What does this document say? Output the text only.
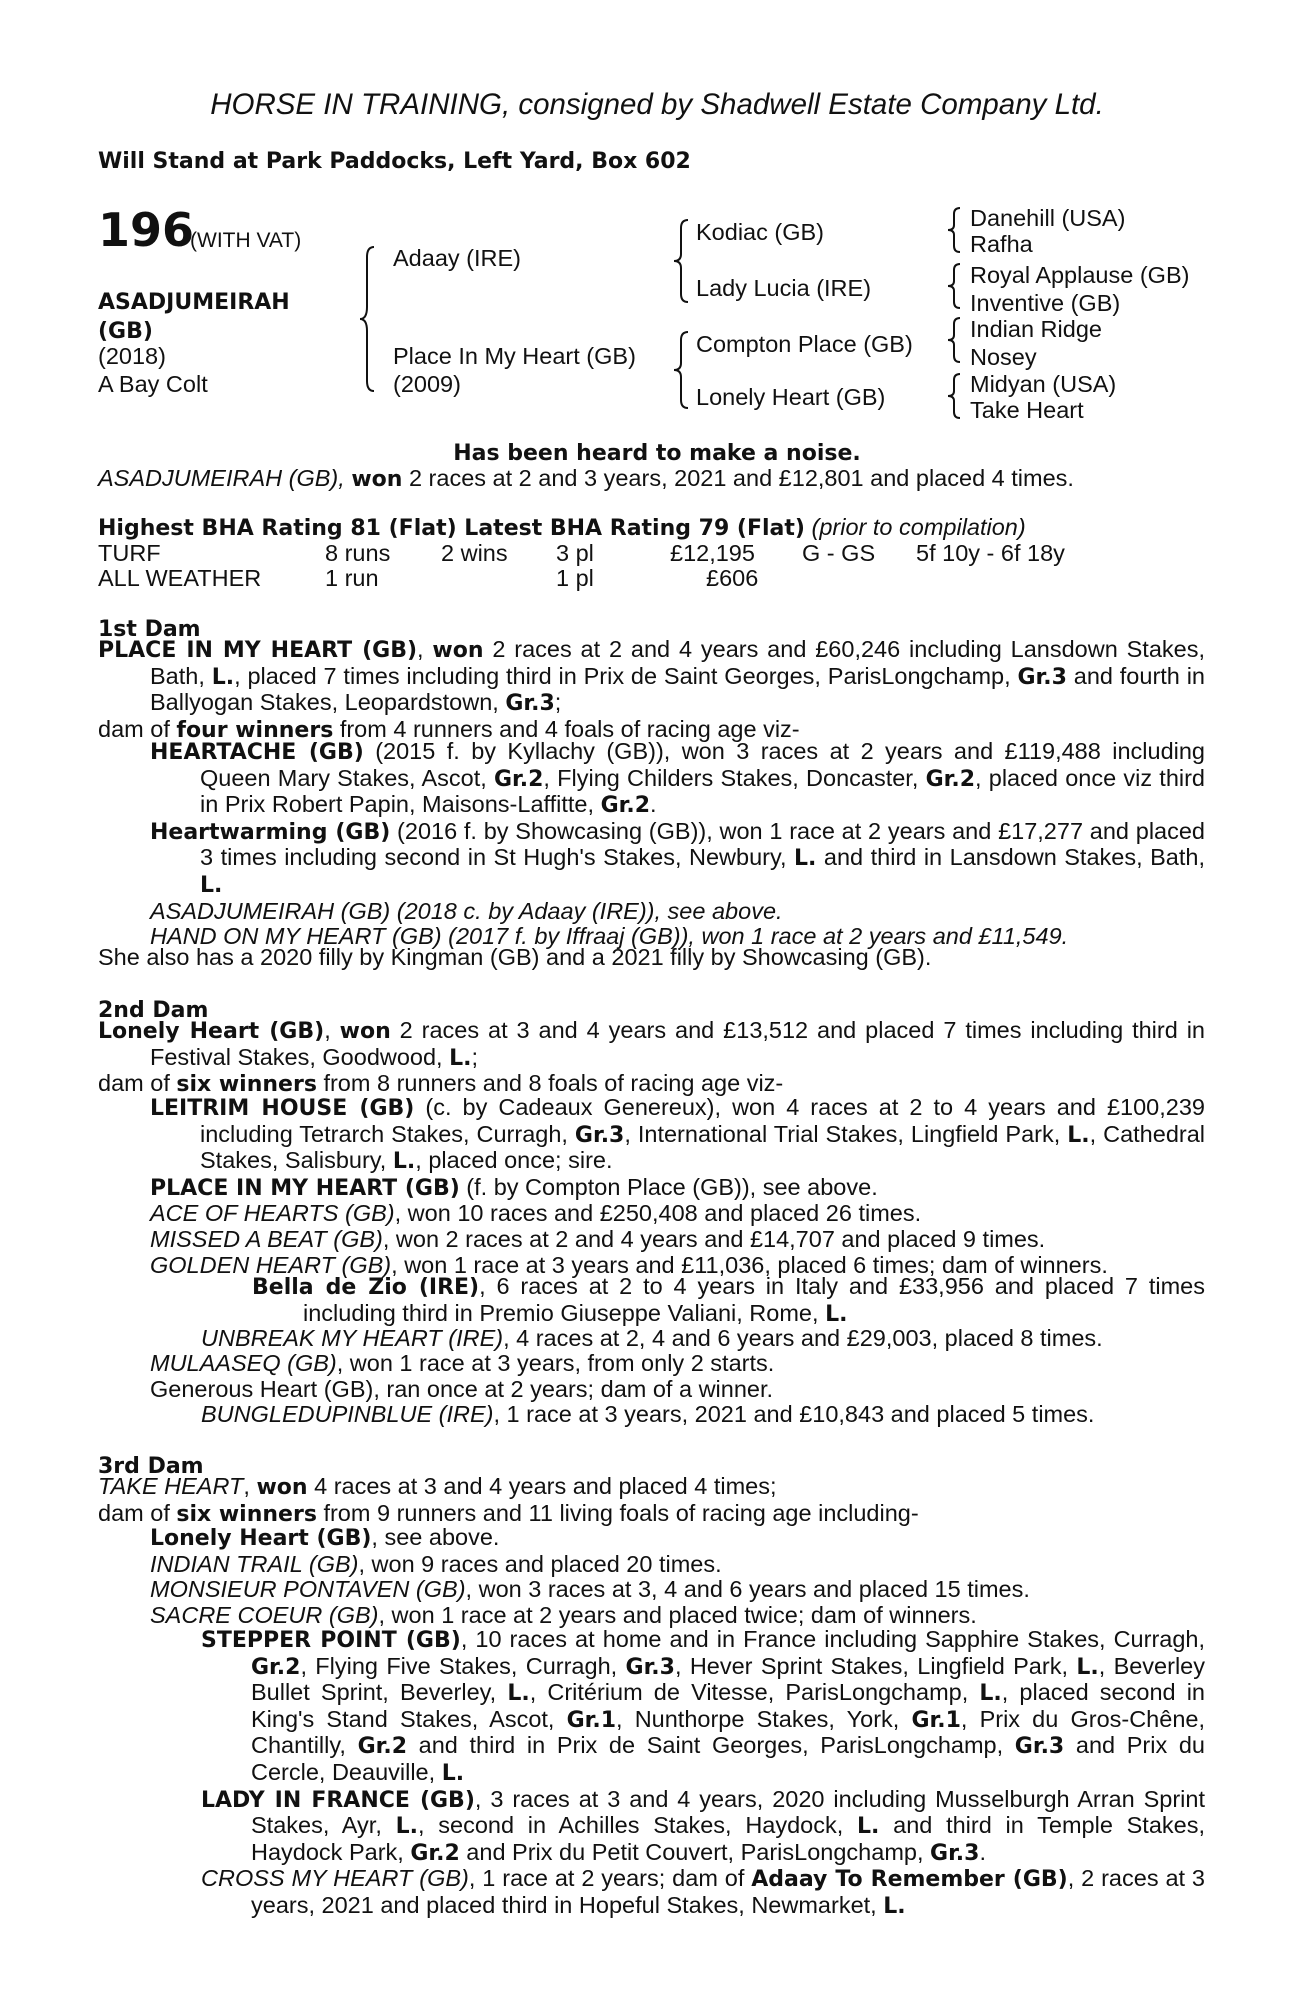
HORSE IN TRAINING, consigned by Shadwell Estate Company Ltd.
Will Stand at Park Paddocks, Left Yard, Box 602
196
(WITH VAT)
ASADJUMEIRAH
(GB)
(2018)
A Bay Colt
Adaay (IRE)
Place In My Heart (GB)
(2009)
Kodiac (GB)
Lady Lucia (IRE)
Compton Place (GB)
Lonely Heart (GB)
Danehill (USA)
Rafha
Royal Applause (GB)
Inventive (GB)
Indian Ridge
Nosey
Midyan (USA)
Take Heart
Has been heard to make a noise.
ASADJUMEIRAH (GB), won 2 races at 2 and 3 years, 2021 and £12,801 and placed 4 times.
Highest BHA Rating 81 (Flat) Latest BHA Rating 79 (Flat) (prior to compilation)
TURF	8 runs 2 wins 3 pl	£12,195 G - GS 5f 10y - 6f 18y
ALL WEATHER	1 run	1 pl	£606
1st Dam

PLACE IN MY HEART (GB), won 2 races at 2 and 4 years and £60,246 including Lansdown Stakes, Bath, L., placed 7 times including third in Prix de Saint Georges, ParisLongchamp, Gr.3 and fourth in Ballyogan Stakes, Leopardstown, Gr.3;

dam of four winners from 4 runners and 4 foals of racing age viz-

HEARTACHE (GB) (2015 f. by Kyllachy (GB)), won 3 races at 2 years and £119,488 including Queen Mary Stakes, Ascot, Gr.2, Flying Childers Stakes, Doncaster, Gr.2, placed once viz third in Prix Robert Papin, Maisons-Laffitte, Gr.2.

Heartwarming (GB) (2016 f. by Showcasing (GB)), won 1 race at 2 years and £17,277 and placed 3 times including second in St Hugh's Stakes, Newbury, L. and third in Lansdown Stakes, Bath, L.

ASADJUMEIRAH (GB) (2018 c. by Adaay (IRE)), see above.

HAND ON MY HEART (GB) (2017 f. by Iffraaj (GB)), won 1 race at 2 years and £11,549.

She also has a 2020 filly by Kingman (GB) and a 2021 filly by Showcasing (GB).
2nd Dam

Lonely Heart (GB), won 2 races at 3 and 4 years and £13,512 and placed 7 times including third in Festival Stakes, Goodwood, L.;

dam of six winners from 8 runners and 8 foals of racing age viz-

LEITRIM HOUSE (GB) (c. by Cadeaux Genereux), won 4 races at 2 to 4 years and £100,239 including Tetrarch Stakes, Curragh, Gr.3, International Trial Stakes, Lingfield Park, L., Cathedral Stakes, Salisbury, L., placed once; sire.

PLACE IN MY HEART (GB) (f. by Compton Place (GB)), see above.

ACE OF HEARTS (GB), won 10 races and £250,408 and placed 26 times.

MISSED A BEAT (GB), won 2 races at 2 and 4 years and £14,707 and placed 9 times.

GOLDEN HEART (GB), won 1 race at 3 years and £11,036, placed 6 times; dam of winners.

Bella de Zio (IRE), 6 races at 2 to 4 years in Italy and £33,956 and placed 7 times including third in Premio Giuseppe Valiani, Rome, L.

UNBREAK MY HEART (IRE), 4 races at 2, 4 and 6 years and £29,003, placed 8 times.

MULAASEQ (GB), won 1 race at 3 years, from only 2 starts.

Generous Heart (GB), ran once at 2 years; dam of a winner.

BUNGLEDUPINBLUE (IRE), 1 race at 3 years, 2021 and £10,843 and placed 5 times.

3rd Dam

TAKE HEART, won 4 races at 3 and 4 years and placed 4 times;

dam of six winners from 9 runners and 11 living foals of racing age including-

Lonely Heart (GB), see above.

INDIAN TRAIL (GB), won 9 races and placed 20 times.

MONSIEUR PONTAVEN (GB), won 3 races at 3, 4 and 6 years and placed 15 times.

SACRE COEUR (GB), won 1 race at 2 years and placed twice; dam of winners.

STEPPER POINT (GB), 10 races at home and in France including Sapphire Stakes, Curragh, Gr.2, Flying Five Stakes, Curragh, Gr.3, Hever Sprint Stakes, Lingfield Park, L., Beverley Bullet Sprint, Beverley, L., Critérium de Vitesse, ParisLongchamp, L., placed second in King's Stand Stakes, Ascot, Gr.1, Nunthorpe Stakes, York, Gr.1, Prix du Gros-Chêne, Chantilly, Gr.2 and third in Prix de Saint Georges, ParisLongchamp, Gr.3 and Prix du Cercle, Deauville, L.

LADY IN FRANCE (GB), 3 races at 3 and 4 years, 2020 including Musselburgh Arran Sprint Stakes, Ayr, L., second in Achilles Stakes, Haydock, L. and third in Temple Stakes, Haydock Park, Gr.2 and Prix du Petit Couvert, ParisLongchamp, Gr.3.

CROSS MY HEART (GB), 1 race at 2 years; dam of Adaay To Remember (GB), 2 races at 3 years, 2021 and placed third in Hopeful Stakes, Newmarket, L.
